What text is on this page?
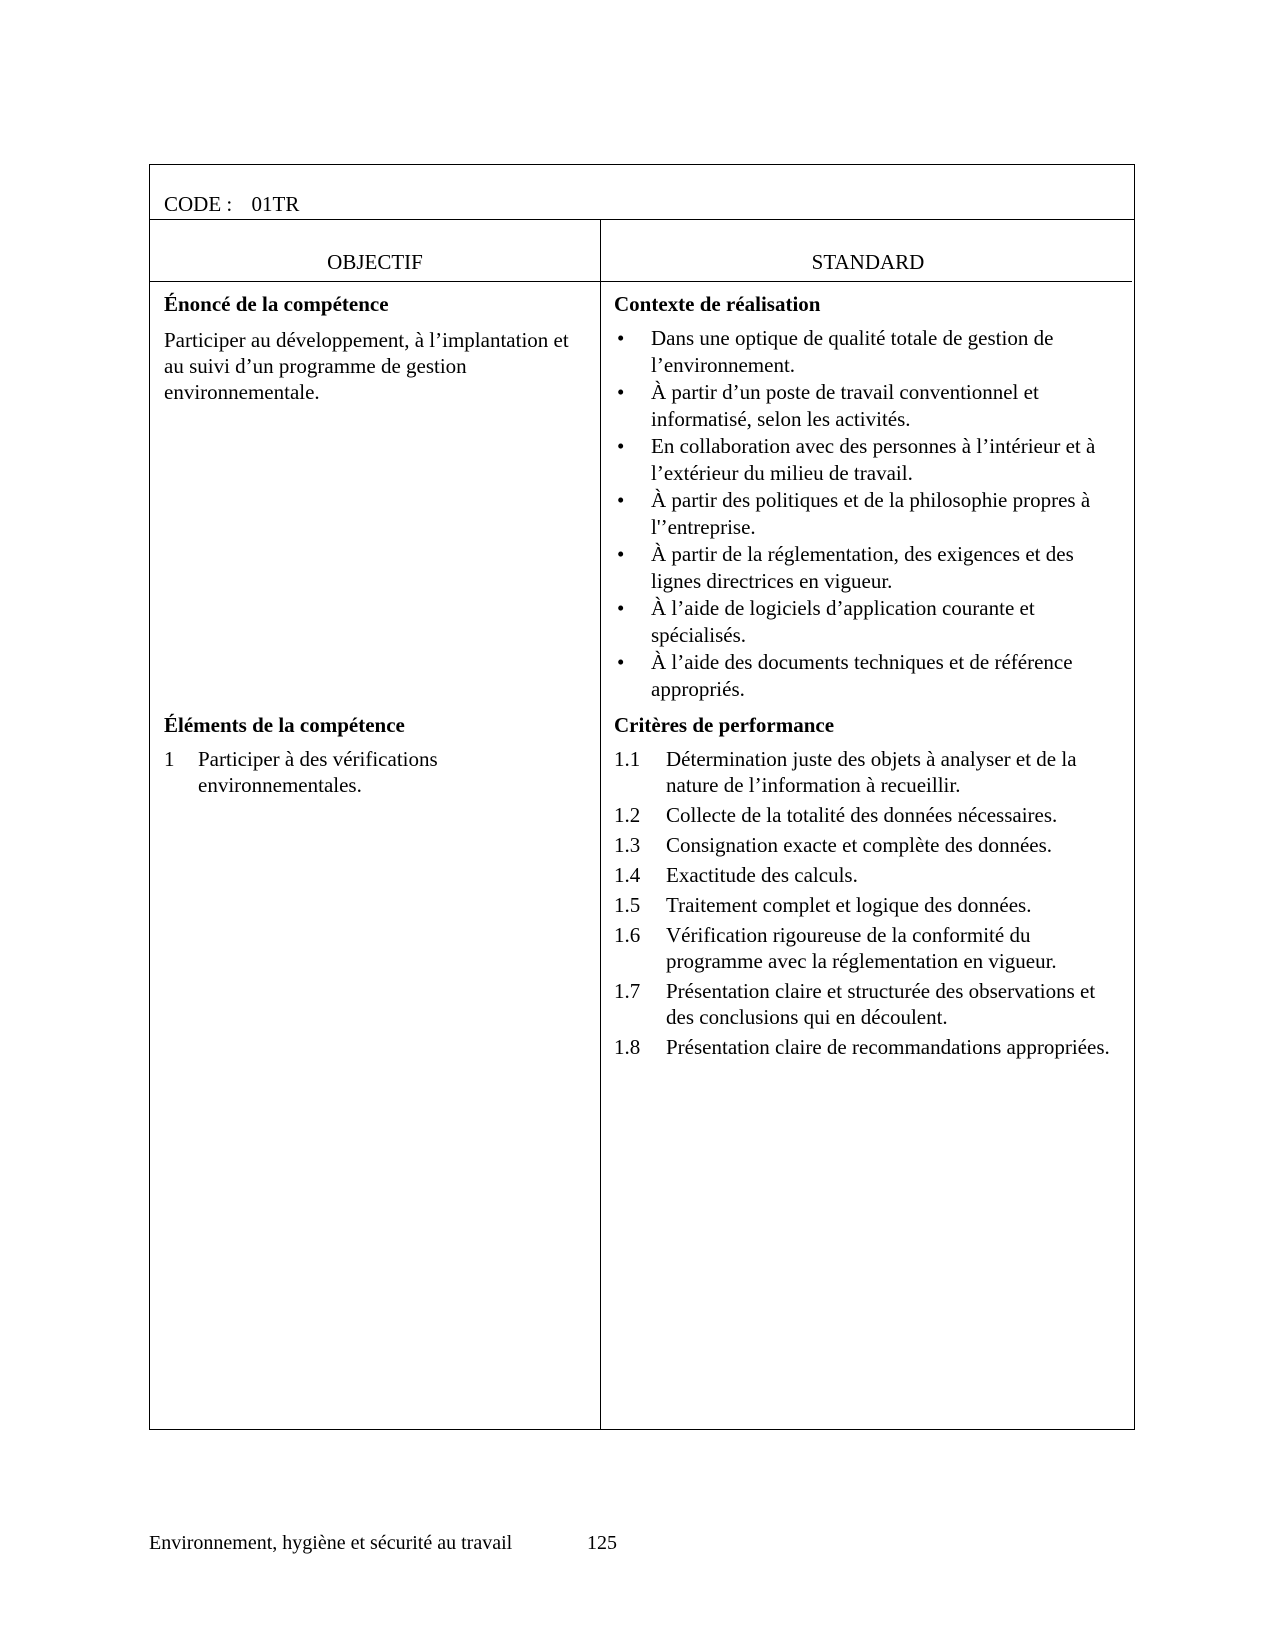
CODE : 01TR
OBJECTIF	STANDARD
Énoncé de la compétence
Participer au développement, à l’implantation et au suivi d’un programme de gestion environnementale.
Éléments de la compétence
1 Participer à des vérifications environnementales.
Contexte de réalisation
• Dans une optique de qualité totale de gestion de l’environnement.
• À partir d’un poste de travail conventionnel et informatisé, selon les activités.
• En collaboration avec des personnes à l’intérieur et à l’extérieur du milieu de travail.
• À partir des politiques et de la philosophie propres à l'’entreprise.
• À partir de la réglementation, des exigences et des lignes directrices en vigueur.
• À l’aide de logiciels d’application courante et spécialisés.
• À l’aide des documents techniques et de référence appropriés.
Critères de performance
1.1 Détermination juste des objets à analyser et de la nature de l’information à recueillir.
1.2 Collecte de la totalité des données nécessaires.
1.3 Consignation exacte et complète des données.
1.4 Exactitude des calculs.
1.5 Traitement complet et logique des données.
1.6 Vérification rigoureuse de la conformité du programme avec la réglementation en vigueur.
1.7 Présentation claire et structurée des observations et des conclusions qui en découlent.
1.8 Présentation claire de recommandations appropriées.
Environnement, hygiène et sécurité au travail	125
